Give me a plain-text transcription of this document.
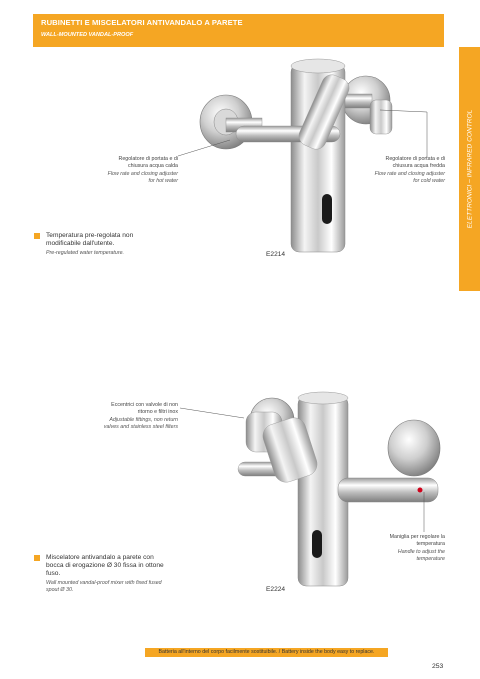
RUBINETTI E MISCELATORI ANTIVANDALO A PARETE
WALL-MOUNTED VANDAL-PROOF
ELETTRONICI – INFRARED CONTROL
Regolatore di portata e di chiusura acqua calda
Flow rate and closing adjuster for hot water
Regolatore di portata e di chiusura acqua fredda
Flow rate and closing adjuster for cold water
Temperatura pre-regolata non modificabile dall'utente.
Pre-regulated water temperature.	E2214
Eccentrici con valvole di non ritorno e filtri inox
Adjustable fittings, non return valves and stainless steel filters
Maniglia per regolare la temperatura
Handle to adjust the temperature
Miscelatore antivandalo a parete con bocca di erogazione Ø 30 fissa in ottone fuso.
Wall mounted vandal-proof mixer with fixed fused spout Ø 30.	E2224
Batteria all'interno del corpo facilmente sostituibile. / Battery inside the body easy to replace.
253
